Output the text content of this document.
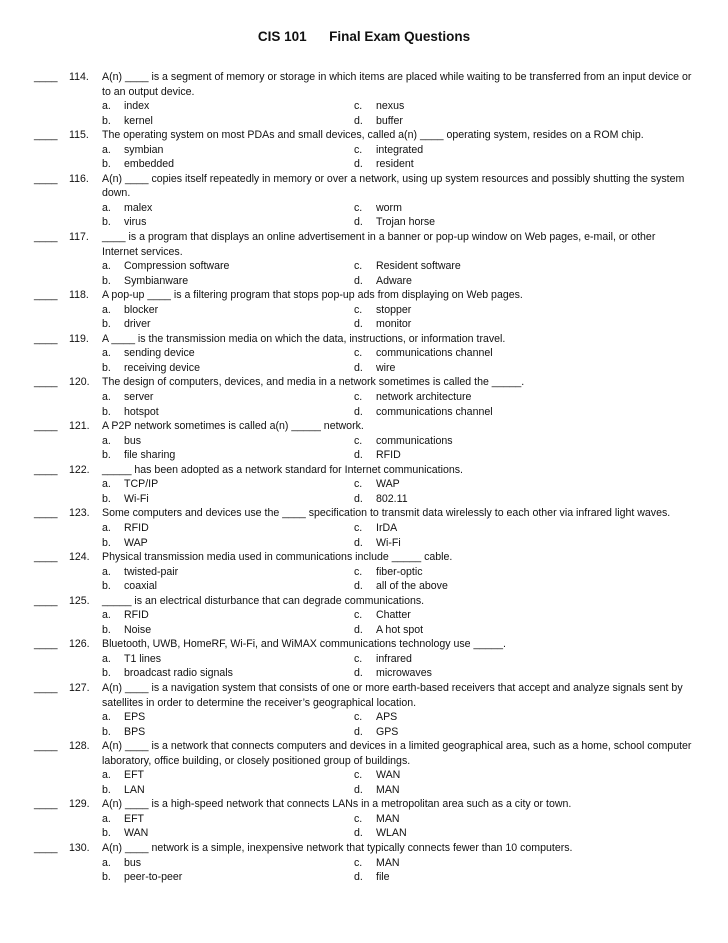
CIS 101      Final Exam Questions
____ 114. A(n) ____ is a segment of memory or storage in which items are placed while waiting to be transferred from an input device or to an output device.
a.	index	c.	nexus
b.	kernel	d.	buffer
____ 115. The operating system on most PDAs and small devices, called a(n) ____ operating system, resides on a ROM chip.
a.	symbian	c.	integrated
b.	embedded	d.	resident
____ 116. A(n) ____ copies itself repeatedly in memory or over a network, using up system resources and possibly shutting the system down.
a.	malex	c.	worm
b.	virus	d.	Trojan horse
____ 117. ____ is a program that displays an online advertisement in a banner or pop-up window on Web pages, e-mail, or other Internet services.
a.	Compression software	c.	Resident software
b.	Symbianware	d.	Adware
____ 118. A pop-up ____ is a filtering program that stops pop-up ads from displaying on Web pages.
a.	blocker	c.	stopper
b.	driver	d.	monitor
____ 119. A ____ is the transmission media on which the data, instructions, or information travel.
a.	sending device	c.	communications channel
b.	receiving device	d.	wire
____ 120. The design of computers, devices, and media in a network sometimes is called the _____.
a.	server	c.	network architecture
b.	hotspot	d.	communications channel
____ 121. A P2P network sometimes is called a(n) _____ network.
a.	bus	c.	communications
b.	file sharing	d.	RFID
____ 122. _____ has been adopted as a network standard for Internet communications.
a.	TCP/IP	c.	WAP
b.	Wi-Fi	d.	802.11
____ 123. Some computers and devices use the ____ specification to transmit data wirelessly to each other via infrared light waves.
a.	RFID	c.	IrDA
b.	WAP	d.	Wi-Fi
____ 124. Physical transmission media used in communications include _____ cable.
a.	twisted-pair	c.	fiber-optic
b.	coaxial	d.	all of the above
____ 125. _____ is an electrical disturbance that can degrade communications.
a.	RFID	c.	Chatter
b.	Noise	d.	A hot spot
____ 126. Bluetooth, UWB, HomeRF, Wi-Fi, and WiMAX communications technology use _____.
a.	T1 lines	c.	infrared
b.	broadcast radio signals	d.	microwaves
____ 127. A(n) ____ is a navigation system that consists of one or more earth-based receivers that accept and analyze signals sent by satellites in order to determine the receiver’s geographical location.
a.	EPS	c.	APS
b.	BPS	d.	GPS
____ 128. A(n) ____ is a network that connects computers and devices in a limited geographical area, such as a home, school computer laboratory, office building, or closely positioned group of buildings.
a.	EFT	c.	WAN
b.	LAN	d.	MAN
____ 129. A(n) ____ is a high-speed network that connects LANs in a metropolitan area such as a city or town.
a.	EFT	c.	MAN
b.	WAN	d.	WLAN
____ 130. A(n) ____ network is a simple, inexpensive network that typically connects fewer than 10 computers.
a.	bus	c.	MAN
b.	peer-to-peer	d.	file
